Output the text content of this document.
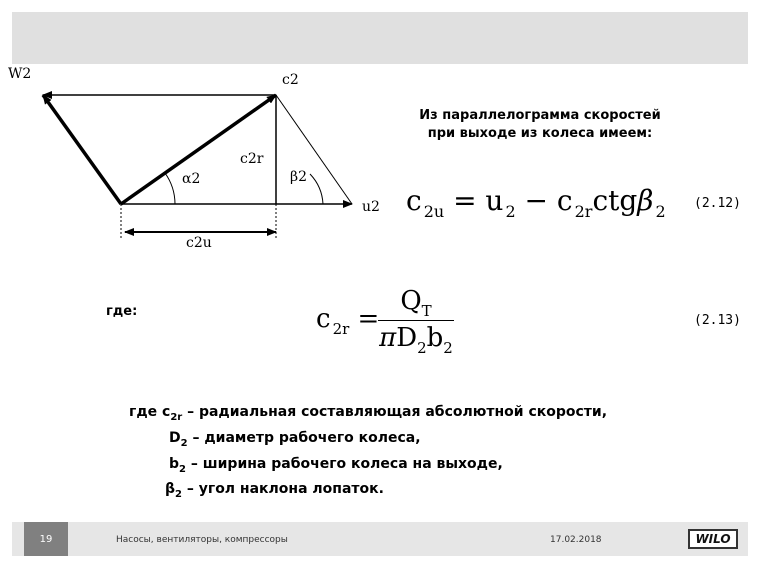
W2	c2
c2r
α2	β2
u2
c2u
Из параллелограмма скоростей
при выходе из колеса имеем:
c $_{2u}$ = u $_2$ − c $_{2r}$ctgβ $_2$ (2.12)
где:	c $_{2r}$ =
$Q_T$
$\pi D_2b_2$
(2.13)
где $c_{2r}$ – радиальная составляющая абсолютной скорости,
$D_2$ – диаметр рабочего колеса,
$b_2$ – ширина рабочего колеса на выходе,
$\beta_2$ – угол наклона лопаток.
19	Насосы, вентиляторы, компрессоры	17.02.2018	WILO
